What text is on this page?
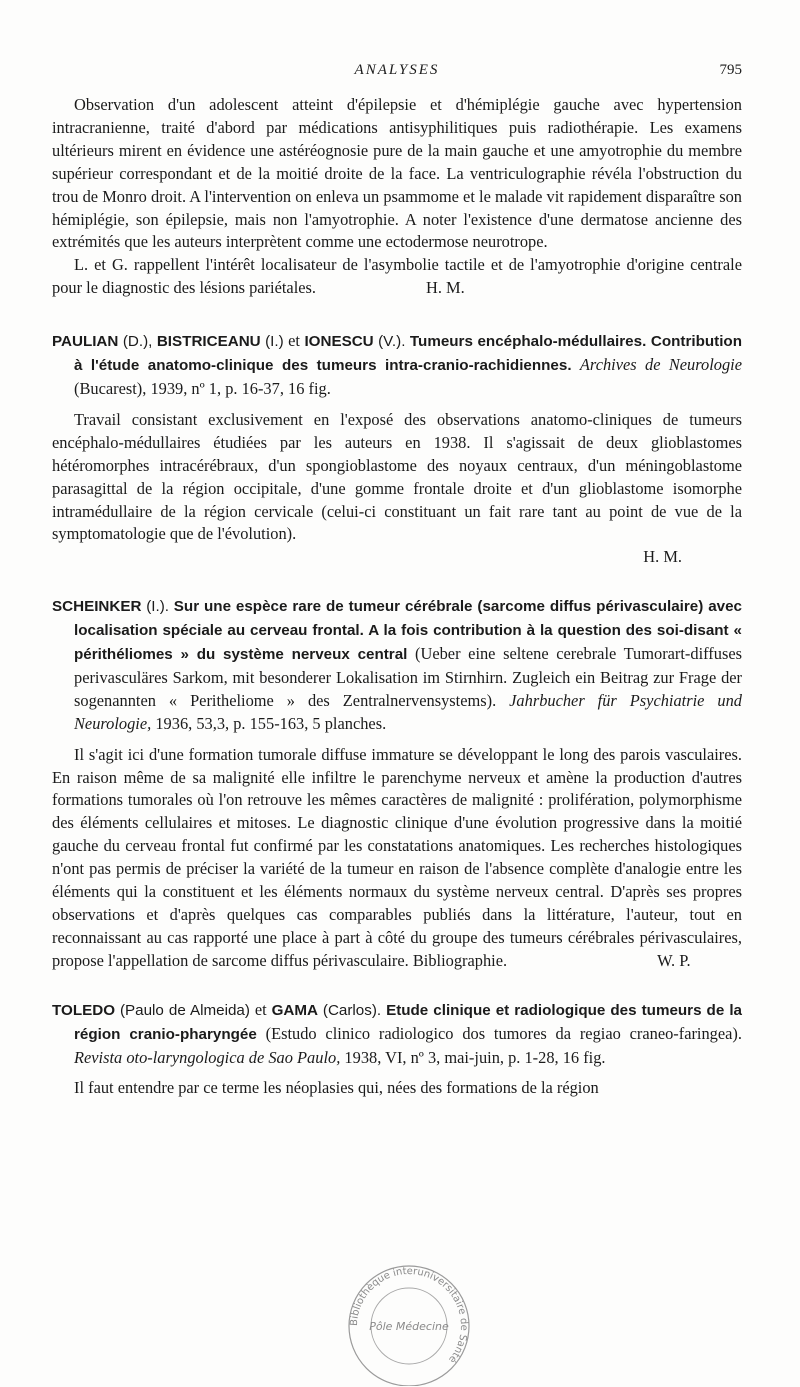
ANALYSES	795

Observation d'un adolescent atteint d'épilepsie et d'hémiplégie gauche avec hypertension intracranienne, traité d'abord par médications antisyphilitiques puis radiothérapie. Les examens ultérieurs mirent en évidence une astéréognosie pure de la main gauche et une amyotrophie du membre supérieur correspondant et de la moitié droite de la face. La ventriculographie révéla l'obstruction du trou de Monro droit. A l'intervention on enleva un psammome et le malade vit rapidement disparaître son hémiplégie, son épilepsie, mais non l'amyotrophie. A noter l'existence d'une dermatose ancienne des extrémités que les auteurs interprètent comme une ectodermose neurotrope.

L. et G. rappellent l'intérêt localisateur de l'asymbolie tactile et de l'amyotrophie d'origine centrale pour le diagnostic des lésions pariétales.	H. M.

PAULIAN (D.), BISTRICEANU (I.) et IONESCU (V.). Tumeurs encéphalo-médullaires. Contribution à l'étude anatomo-clinique des tumeurs intra-cranio-rachidiennes. Archives de Neurologie (Bucarest), 1939, nº 1, p. 16-37, 16 fig.

Travail consistant exclusivement en l'exposé des observations anatomo-cliniques de tumeurs encéphalo-médullaires étudiées par les auteurs en 1938. Il s'agissait de deux glioblastomes hétéromorphes intracérébraux, d'un spongioblastome des noyaux centraux, d'un méningoblastome parasagittal de la région occipitale, d'une gomme frontale droite et d'un glioblastome isomorphe intramédullaire de la région cervicale (celui-ci constituant un fait rare tant au point de vue de la symptomatologie que de l'évolution).

H. M.
SCHEINKER (I.). Sur une espèce rare de tumeur cérébrale (sarcome diffus périvasculaire) avec localisation spéciale au cerveau frontal. A la fois contribution à la question des soi-disant « périthéliomes » du système nerveux central (Ueber eine seltene cerebrale Tumorart-diffuses perivasculäres Sarkom, mit besonderer Lokalisation im Stirnhirn. Zugleich ein Beitrag zur Frage der sogenannten « Peritheliome » des Zentralnervensystems). Jahrbucher für Psychiatrie und Neurologie, 1936, 53,3, p. 155-163, 5 planches.

Il s'agit ici d'une formation tumorale diffuse immature se développant le long des parois vasculaires. En raison même de sa malignité elle infiltre le parenchyme nerveux et amène la production d'autres formations tumorales où l'on retrouve les mêmes caractères de malignité : prolifération, polymorphisme des éléments cellulaires et mitoses. Le diagnostic clinique d'une évolution progressive dans la moitié gauche du cerveau frontal fut confirmé par les constatations anatomiques. Les recherches histologiques n'ont pas permis de préciser la variété de la tumeur en raison de l'absence complète d'analogie entre les éléments qui la constituent et les éléments normaux du système nerveux central. D'après ses propres observations et d'après quelques cas comparables publiés dans la littérature, l'auteur, tout en reconnaissant au cas rapporté une place à part à côté du groupe des tumeurs cérébrales périvasculaires, propose l'appellation de sarcome diffus périvasculaire. Bibliographie.	W. P.

TOLEDO (Paulo de Almeida) et GAMA (Carlos). Etude clinique et radiologique des tumeurs de la région cranio-pharyngée (Estudo clinico radiologico dos tumores da regiao craneo-faringea). Revista oto-laryngologica de Sao Paulo, 1938, VI, nº 3, mai-juin, p. 1-28, 16 fig.

Il faut entendre par ce terme les néoplasies qui, nées des formations de la région

Bibliothèque interuniversitaire de Santé
Pôle Médecine
